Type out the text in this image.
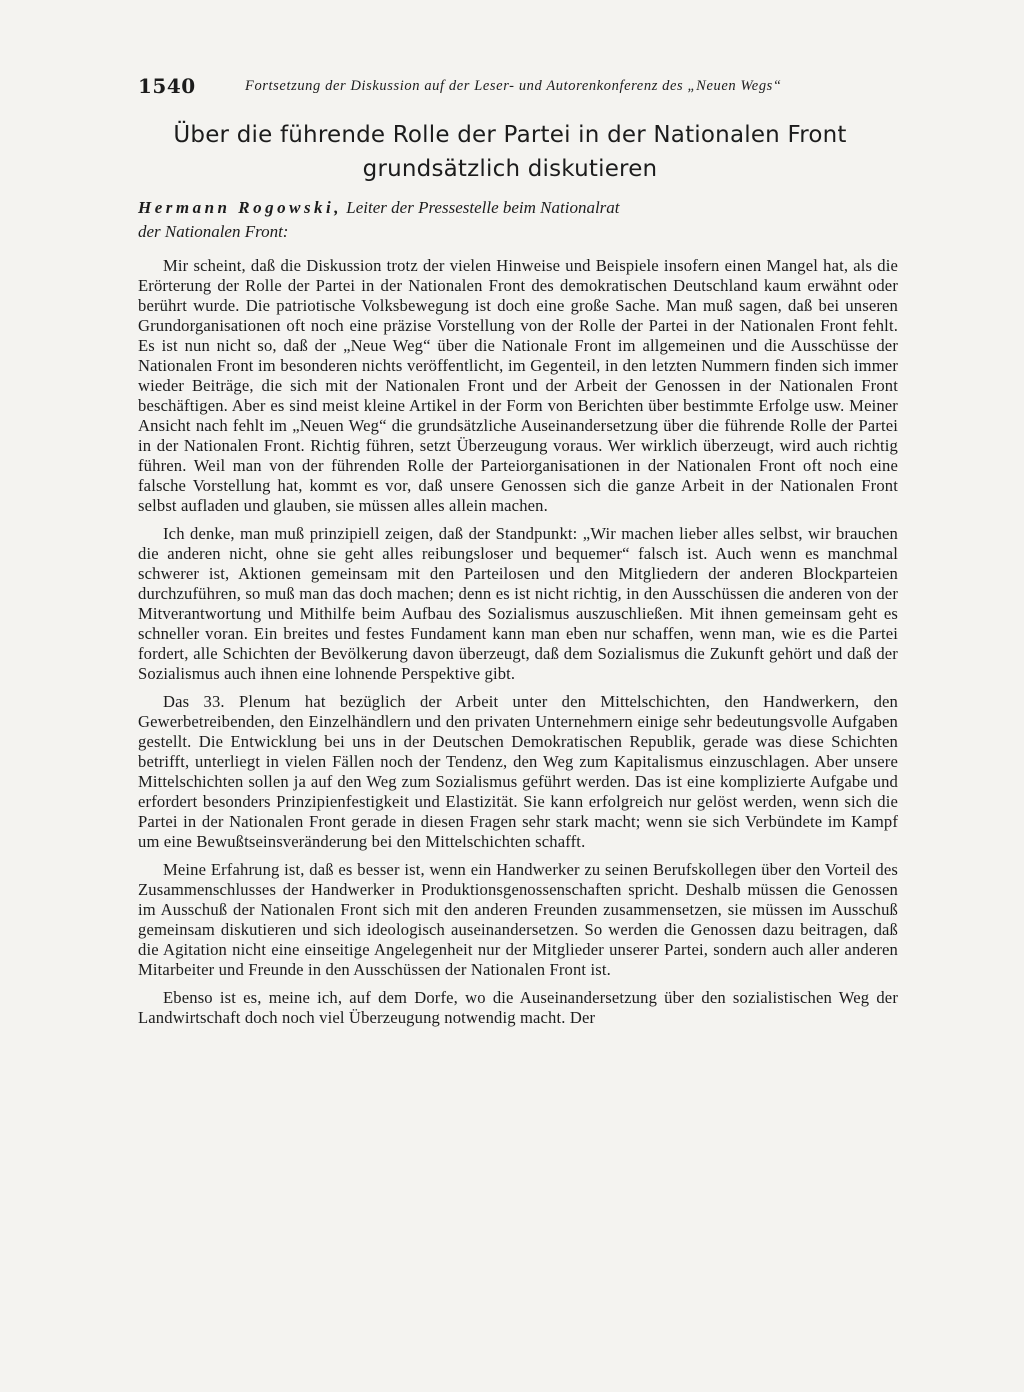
1540	Fortsetzung der Diskussion auf der Leser- und Autorenkonferenz des „Neuen Wegs“
Über die führende Rolle der Partei in der Nationalen Front
grundsätzlich diskutieren
Hermann Rogowski, Leiter der Pressestelle beim Nationalrat
der Nationalen Front:

Mir scheint, daß die Diskussion trotz der vielen Hinweise und Beispiele insofern einen Mangel hat, als die Erörterung der Rolle der Partei in der Nationalen Front des demokratischen Deutschland kaum erwähnt oder berührt wurde. Die patriotische Volksbewegung ist doch eine große Sache. Man muß sagen, daß bei unseren Grundorganisationen oft noch eine präzise Vorstellung von der Rolle der Partei in der Nationalen Front fehlt. Es ist nun nicht so, daß der „Neue Weg“ über die Nationale Front im allgemeinen und die Ausschüsse der Nationalen Front im besonderen nichts veröffentlicht, im Gegenteil, in den letzten Nummern finden sich immer wieder Beiträge, die sich mit der Nationalen Front und der Arbeit der Genossen in der Nationalen Front beschäftigen. Aber es sind meist kleine Artikel in der Form von Berichten über bestimmte Erfolge usw. Meiner Ansicht nach fehlt im „Neuen Weg“ die grundsätzliche Auseinandersetzung über die führende Rolle der Partei in der Nationalen Front. Richtig führen, setzt Überzeugung voraus. Wer wirklich überzeugt, wird auch richtig führen. Weil man von der führenden Rolle der Parteiorganisationen in der Nationalen Front oft noch eine falsche Vorstellung hat, kommt es vor, daß unsere Genossen sich die ganze Arbeit in der Nationalen Front selbst aufladen und glauben, sie müssen alles allein machen.

Ich denke, man muß prinzipiell zeigen, daß der Standpunkt: „Wir machen lieber alles selbst, wir brauchen die anderen nicht, ohne sie geht alles reibungsloser und bequemer“ falsch ist. Auch wenn es manchmal schwerer ist, Aktionen gemeinsam mit den Parteilosen und den Mitgliedern der anderen Blockparteien durchzuführen, so muß man das doch machen; denn es ist nicht richtig, in den Ausschüssen die anderen von der Mitverantwortung und Mithilfe beim Aufbau des Sozialismus auszuschließen. Mit ihnen gemeinsam geht es schneller voran. Ein breites und festes Fundament kann man eben nur schaffen, wenn man, wie es die Partei fordert, alle Schichten der Bevölkerung davon überzeugt, daß dem Sozialismus die Zukunft gehört und daß der Sozialismus auch ihnen eine lohnende Perspektive gibt.

Das 33. Plenum hat bezüglich der Arbeit unter den Mittelschichten, den Handwerkern, den Gewerbetreibenden, den Einzelhändlern und den privaten Unternehmern einige sehr bedeutungsvolle Aufgaben gestellt. Die Entwicklung bei uns in der Deutschen Demokratischen Republik, gerade was diese Schichten betrifft, unterliegt in vielen Fällen noch der Tendenz, den Weg zum Kapitalismus einzuschlagen. Aber unsere Mittelschichten sollen ja auf den Weg zum Sozialismus geführt werden. Das ist eine komplizierte Aufgabe und erfordert besonders Prinzipienfestigkeit und Elastizität. Sie kann erfolgreich nur gelöst werden, wenn sich die Partei in der Nationalen Front gerade in diesen Fragen sehr stark macht; wenn sie sich Verbündete im Kampf um eine Bewußtseinsveränderung bei den Mittelschichten schafft.

Meine Erfahrung ist, daß es besser ist, wenn ein Handwerker zu seinen Berufskollegen über den Vorteil des Zusammenschlusses der Handwerker in Produktionsgenossenschaften spricht. Deshalb müssen die Genossen im Ausschuß der Nationalen Front sich mit den anderen Freunden zusammensetzen, sie müssen im Ausschuß gemeinsam diskutieren und sich ideologisch auseinandersetzen. So werden die Genossen dazu beitragen, daß die Agitation nicht eine einseitige Angelegenheit nur der Mitglieder unserer Partei, sondern auch aller anderen Mitarbeiter und Freunde in den Ausschüssen der Nationalen Front ist.

Ebenso ist es, meine ich, auf dem Dorfe, wo die Auseinandersetzung über den sozialistischen Weg der Landwirtschaft doch noch viel Überzeugung notwendig macht. Der
